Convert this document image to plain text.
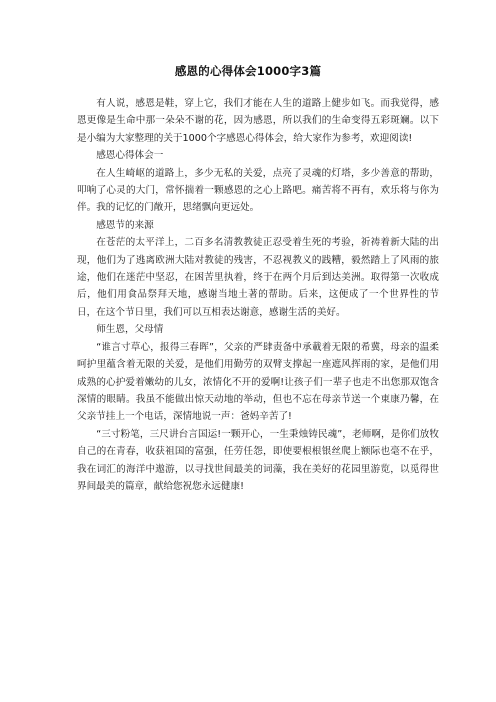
感恩的心得体会1000字3篇

有人说，感恩是鞋，穿上它，我们才能在人生的道路上健步如飞。而我觉得，感恩更像是生命中那一朵朵不谢的花，因为感恩，所以我们的生命变得五彩斑斓。以下是小编为大家整理的关于1000个字感恩心得体会，给大家作为参考，欢迎阅读!

感恩心得体会一

在人生崎岖的道路上，多少无私的关爱，点亮了灵魂的灯塔，多少善意的帮助，叩响了心灵的大门，常怀揣着一颗感恩的之心上路吧。痛苦将不再有，欢乐将与你为伴。我的记忆的门敞开，思绪飘向更远处。

感恩节的来源

在苍茫的太平洋上，二百多名清教教徒正忍受着生死的考验，祈祷着新大陆的出现，他们为了逃离欧洲大陆对教徒的残害，不忍视教义的践糟，毅然踏上了风雨的旅途，他们在迷茫中坚忍，在困苦里执着，终于在两个月后到达美洲。取得第一次收成后，他们用食品祭拜天地，感谢当地土著的帮助。后来，这便成了一个世界性的节日，在这个节日里，我们可以互相表达谢意，感谢生活的美好。

师生恩，父母情

“谁言寸草心，报得三春晖”，父亲的严肆责备中承載着无限的希冀，母亲的温柔呵护里蕴含着无限的关爱，是他们用勤劳的双臂支撑起一座遮风挥雨的家，是他们用成熟的心护爱着嫩幼的儿女，浓情化不开的爱啊!让孩子们一辈子也走不出您那双饱含深情的眼睛。我虽不能做出惊天动地的举动，但也不忘在母亲节送一个東康乃馨，在父亲节挂上一个电话，深情地说一声：爸妈辛苦了!

“三寸粉笔，三尺讲台言国运!一颗开心，一生秉烛铸民魂”，老师啊，是你们放牧自己的在青春，收获祖国的富强，任劳任怨，即使要根根银丝爬上额际也毫不在乎，我在词汇的海洋中遨游，以寻找世间最美的词藻，我在美好的花园里游览，以觅得世界间最美的篇章，献给您祝您永远健康!
